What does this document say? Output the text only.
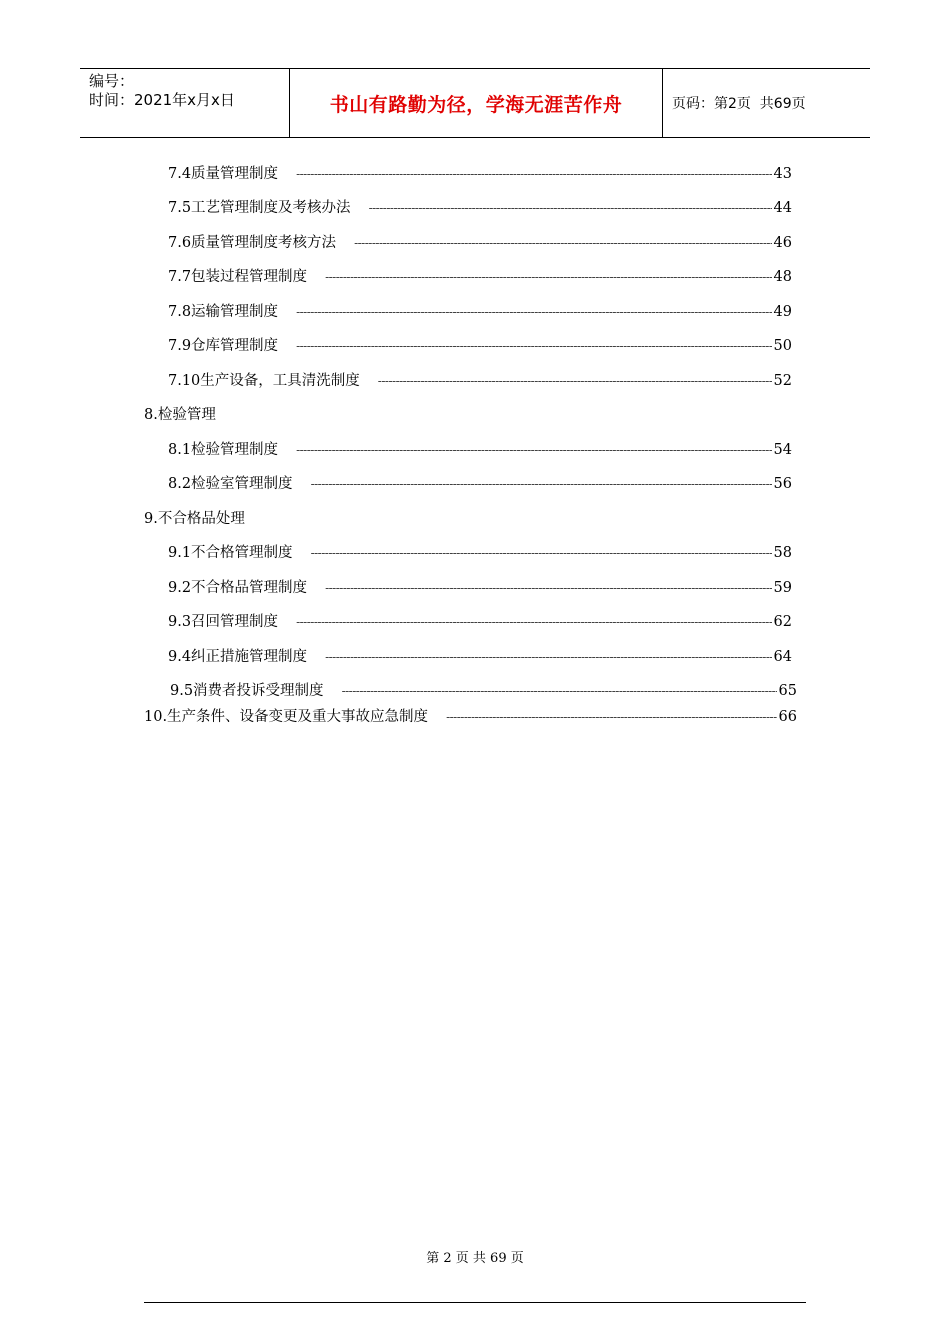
编号：
时间：2021年x月x日	书山有路勤为径，学海无涯苦作舟	页码：第2页  共69页
7.4质量管理制度 -----	43
7.5工艺管理制度及考核办法 -----	44
7.6质量管理制度考核方法 -----	46
7.7包装过程管理制度 -----	48
7.8运输管理制度 -----	49
7.9仓库管理制度 -----	50
7.10生产设备，工具清洗制度 -----	52
8.检验管理
8.1检验管理制度 -----	54
8.2检验室管理制度 -----	56
9.不合格品处理
9.1不合格管理制度 -----	58
9.2不合格品管理制度 -----	59
9.3召回管理制度 -----	62
9.4纠正措施管理制度 -----	64
9.5消费者投诉受理制度 -----	65
10.生产条件、设备变更及重大事故应急制度 -----	66
第 2 页 共 69 页
